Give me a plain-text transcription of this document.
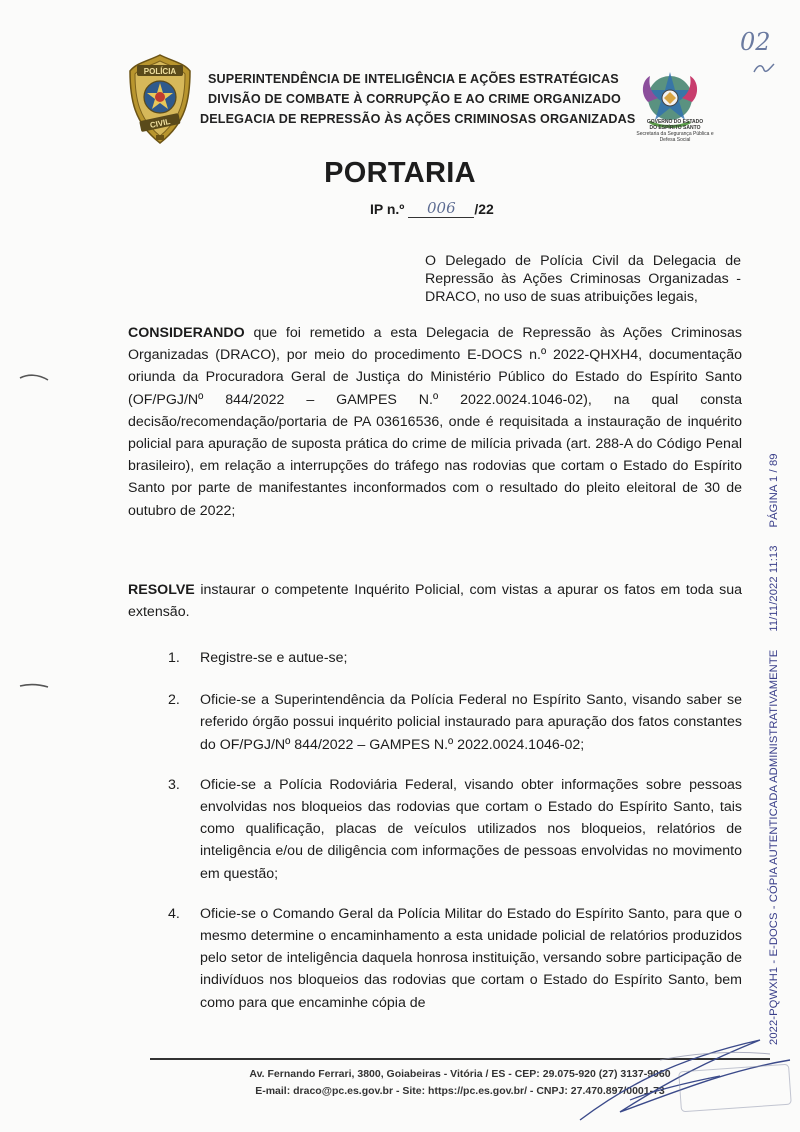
POLÍCIA
CIVIL
SUPERINTENDÊNCIA DE INTELIGÊNCIA E AÇÕES ESTRATÉGICAS
DIVISÃO DE COMBATE À CORRUPÇÃO E AO CRIME ORGANIZADO
DELEGACIA DE REPRESSÃO ÀS AÇÕES CRIMINOSAS ORGANIZADAS	GOVERNO DO ESTADO
DO ESPÍRITO SANTO
Secretaria da Segurança Pública e Defesa Social
02
PORTARIA
IP n.º 006 /22
O Delegado de Polícia Civil da Delegacia de Repressão às Ações Criminosas Organizadas - DRACO, no uso de suas atribuições legais,
CONSIDERANDO que foi remetido a esta Delegacia de Repressão às Ações Criminosas Organizadas (DRACO), por meio do procedimento E-DOCS n.º 2022-QHXH4, documentação oriunda da Procuradora Geral de Justiça do Ministério Público do Estado do Espírito Santo (OF/PGJ/Nº 844/2022 – GAMPES N.º 2022.0024.1046-02), na qual consta decisão/recomendação/portaria de PA 03616536, onde é requisitada a instauração de inquérito policial para apuração de suposta prática do crime de milícia privada (art. 288-A do Código Penal brasileiro), em relação a interrupções do tráfego nas rodovias que cortam o Estado do Espírito Santo por parte de manifestantes inconformados com o resultado do pleito eleitoral de 30 de outubro de 2022;
RESOLVE instaurar o competente Inquérito Policial, com vistas a apurar os fatos em toda sua extensão.
1. Registre-se e autue-se;
2. Oficie-se a Superintendência da Polícia Federal no Espírito Santo, visando saber se referido órgão possui inquérito policial instaurado para apuração dos fatos constantes do OF/PGJ/Nº 844/2022 – GAMPES N.º 2022.0024.1046-02;
3. Oficie-se a Polícia Rodoviária Federal, visando obter informações sobre pessoas envolvidas nos bloqueios das rodovias que cortam o Estado do Espírito Santo, tais como qualificação, placas de veículos utilizados nos bloqueios, relatórios de inteligência e/ou de diligência com informações de pessoas envolvidas no movimento em questão;
4. Oficie-se o Comando Geral da Polícia Militar do Estado do Espírito Santo, para que o mesmo determine o encaminhamento a esta unidade policial de relatórios produzidos pelo setor de inteligência daquela honrosa instituição, versando sobre participação de indivíduos nos bloqueios das rodovias que cortam o Estado do Espírito Santo, bem como para que encaminhe cópia de	2022-PQWXH1 - E-DOCS - CÓPIA AUTENTICADA ADMINISTRATIVAMENTE11/11/2022 11:13PÁGINA 1 / 89
Av. Fernando Ferrari, 3800, Goiabeiras - Vitória / ES - CEP: 29.075-920 (27) 3137-9060
E-mail: draco@pc.es.gov.br - Site: https://pc.es.gov.br/ - CNPJ: 27.470.897/0001-73
